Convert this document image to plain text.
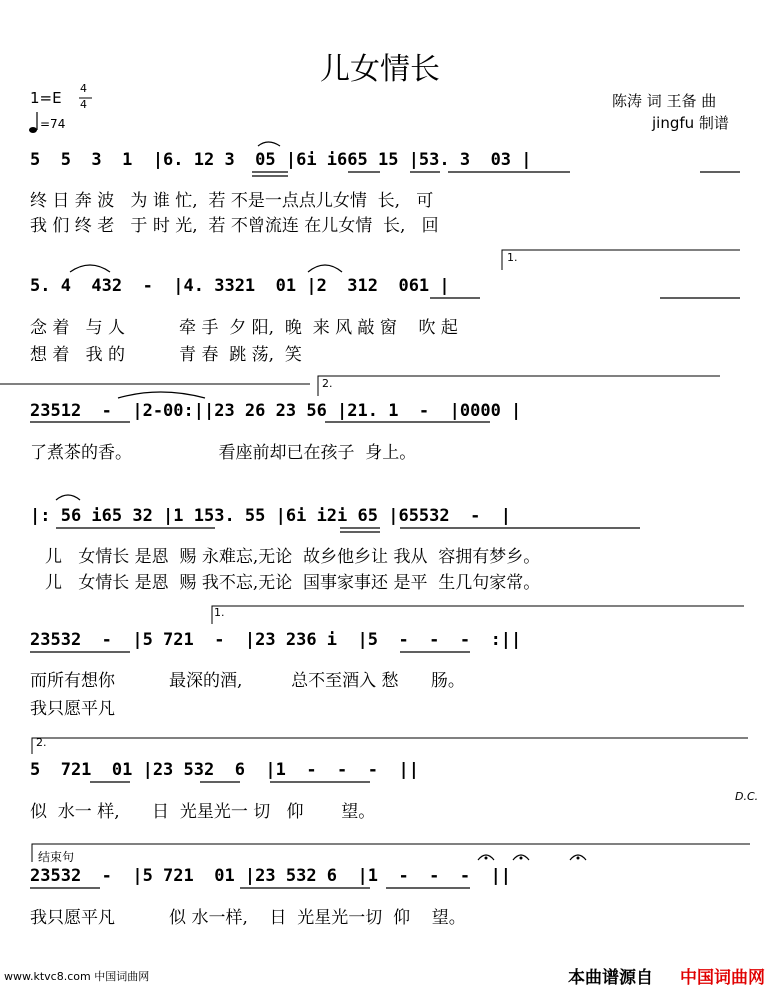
儿女情长
1=E
4
4
=74
陈涛 词 王备 曲
jingfu 制谱
5  5  3  1  |6. 12 3  05 |6i i665 15 |53. 3  03 |
终 日 奔 波   为 谁 忙,  若 不是一点点儿女情  长,   可
我 们 终 老   于 时 光,  若 不曾流连 在儿女情  长,   回
5. 4  432  -  |4. 3321  01 |2  312  061 |
1.
念 着   与 人          牵 手  夕 阳,  晚  来 风 敲 窗    吹 起
想 着   我 的          青 春  跳 荡,  笑
23512  -  |2-00:||23 26 23 56 |21. 1  -  |0000 |
2.
了煮茶的香。                看座前却已在孩子  身上。
|: 56 i65 32 |1 153. 55 |6i i2i 65 |65532  -  |
儿   女情长 是恩  赐 永难忘,无论  故乡他乡让 我从  容拥有梦乡。
儿   女情长 是恩  赐 我不忘,无论  国事家事还 是平  生几句家常。
23532  -  |5 721  -  |23 236 i  |5  -  -  -  :||
1.
而所有想你          最深的酒,         总不至酒入 愁      肠。
我只愿平凡
5  721  01 |23 532  6  |1  -  -  -  ||
2.
似  水一 样,      日  光星光一 切   仰       望。
D.C.
结束句
23532  -  |5 721  01 |23 532 6  |1  -  -  -  ||
我只愿平凡          似 水一样,    日  光星光一切  仰    望。
www.ktvc8.com 中国词曲网	本曲谱源自 中国词曲网
